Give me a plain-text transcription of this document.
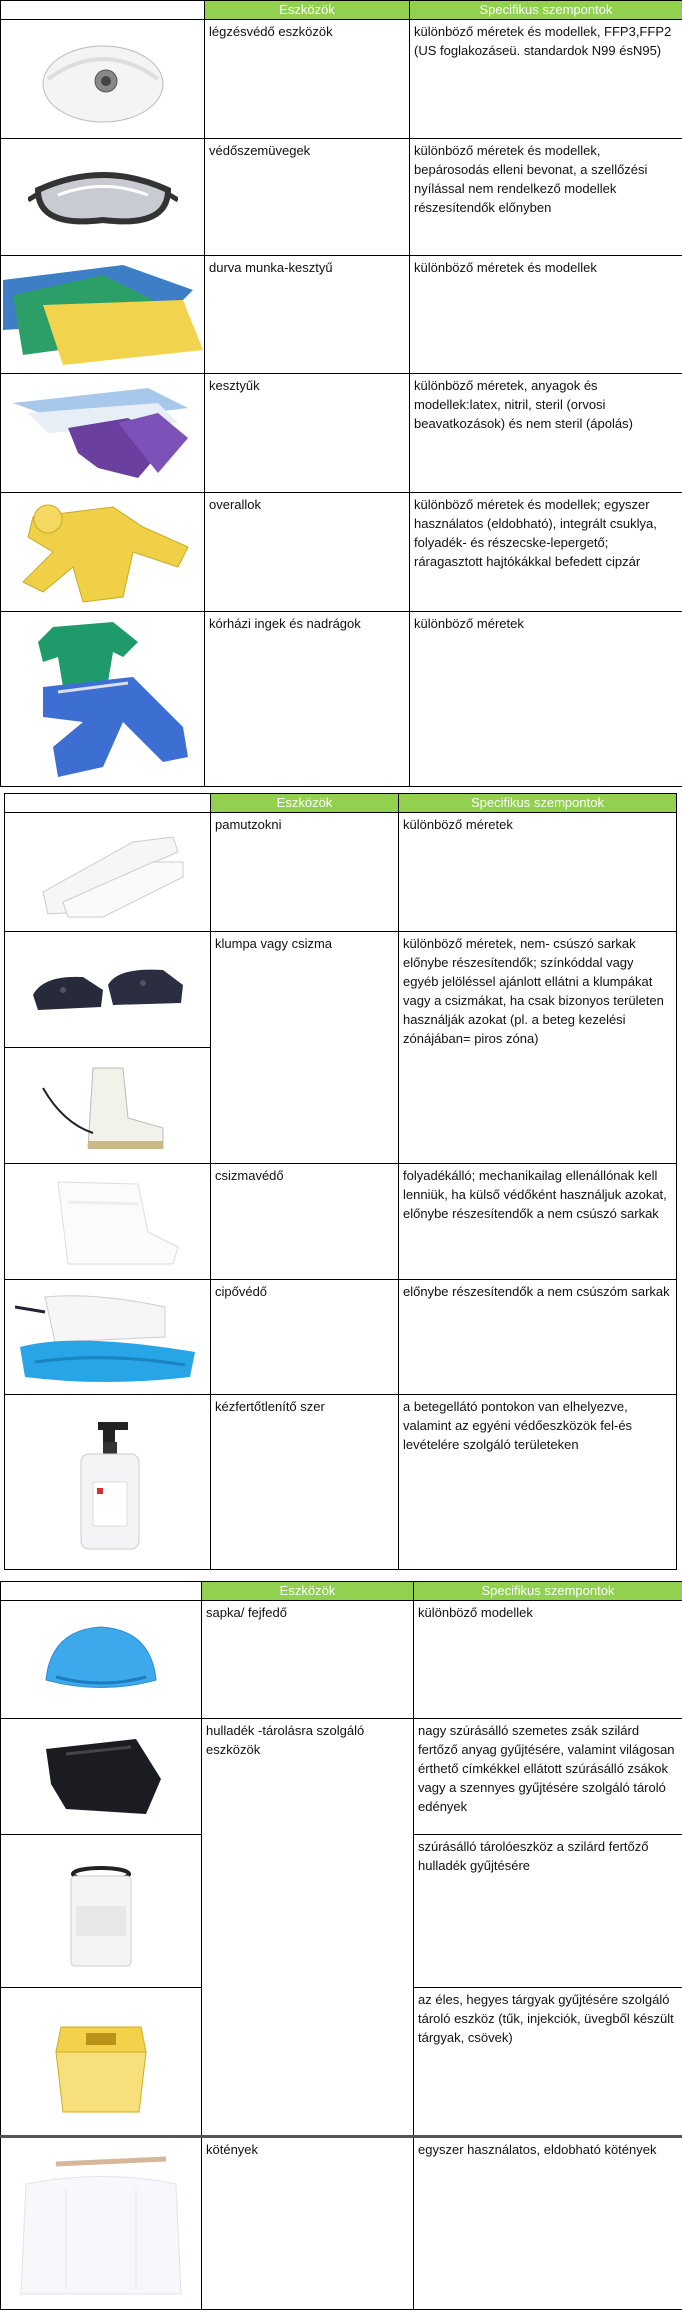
	Eszközök	Specifikus szempontok

	légzésvédő eszközök	különböző méretek és modellek, FFP3,FFP2 (US foglakozáseü. standardok N99 ésN95)

	védőszemüvegek	különböző méretek és modellek, bepárosodás elleni bevonat, a szellőzési nyílással nem rendelkező modellek részesítendők előnyben

	durva munka-kesztyű	különböző méretek és modellek

	kesztyűk	különböző méretek, anyagok és modellek:latex, nitril, steril (orvosi beavatkozások) és nem steril (ápolás)

	overallok	különböző méretek és modellek; egyszer használatos (eldobható), integrált csuklya, folyadék- és részecske-lepergető; ráragasztott hajtókákkal befedett cipzár

	kórházi ingek és nadrágok	különböző méretek
	Eszközök	Specifikus szempontok

	pamutzokni	különböző méretek

	klumpa vagy csizma	különböző méretek, nem- csúszó sarkak előnybe részesítendők; színkóddal vagy egyéb jelöléssel ajánlott ellátni a klumpákat vagy a csizmákat, ha csak bizonyos területen használják azokat (pl. a beteg kezelési zónájában= piros zóna)

	csizmavédő	folyadékálló; mechanikailag ellenállónak kell lenniük, ha külső védőként használjuk azokat, előnybe részesítendők a nem csúszó sarkak

	cipővédő	előnybe részesítendők a nem csúszóm sarkak

	kézfertőtlenítő szer	a betegellátó pontokon van elhelyezve, valamint az egyéni védőeszközök fel-és levételére szolgáló területeken
	Eszközök	Specifikus szempontok

	sapka/ fejfedő	különböző modellek

	hulladék -tárolásra szolgáló eszközök	nagy szúrásálló szemetes zsák szilárd fertőző anyag gyűjtésére, valamint világosan érthető címkékkel ellátott szúrásálló zsákok vagy a szennyes gyűjtésére szolgáló tároló edények

	szúrásálló tárolóeszköz a szilárd fertőző hulladék gyűjtésére

	az éles, hegyes tárgyak gyűjtésére szolgáló tároló eszköz (tűk, injekciók, üvegből készült tárgyak, csövek)

	kötények	egyszer használatos, eldobható kötények
